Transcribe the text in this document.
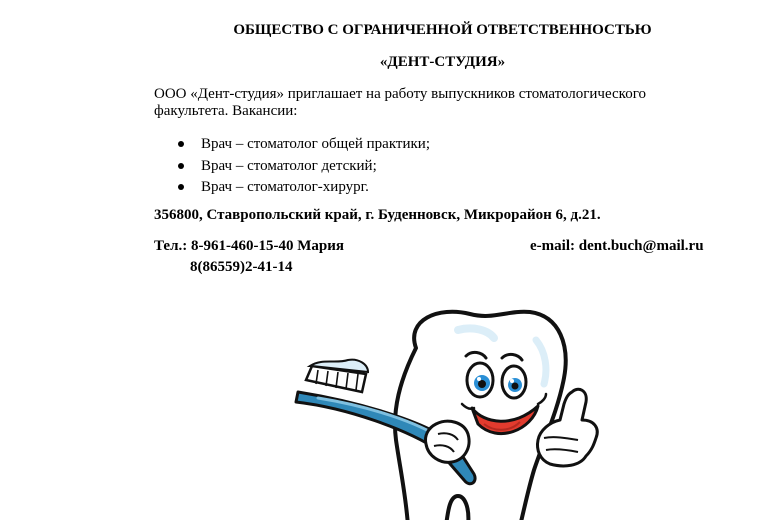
ОБЩЕСТВО С ОГРАНИЧЕННОЙ ОТВЕТСТВЕННОСТЬЮ
«ДЕНТ-СТУДИЯ»
ООО «Дент-студия» приглашает на работу выпускников стоматологического факультета. Вакансии:
Врач – стоматолог общей практики;
Врач – стоматолог детский;
Врач – стоматолог-хирург.
356800, Ставропольский край, г. Буденновск, Микрорайон 6, д.21.
Тел.: 8-961-460-15-40 Мария	e-mail: dent.buch@mail.ru
8(86559)2-41-14
